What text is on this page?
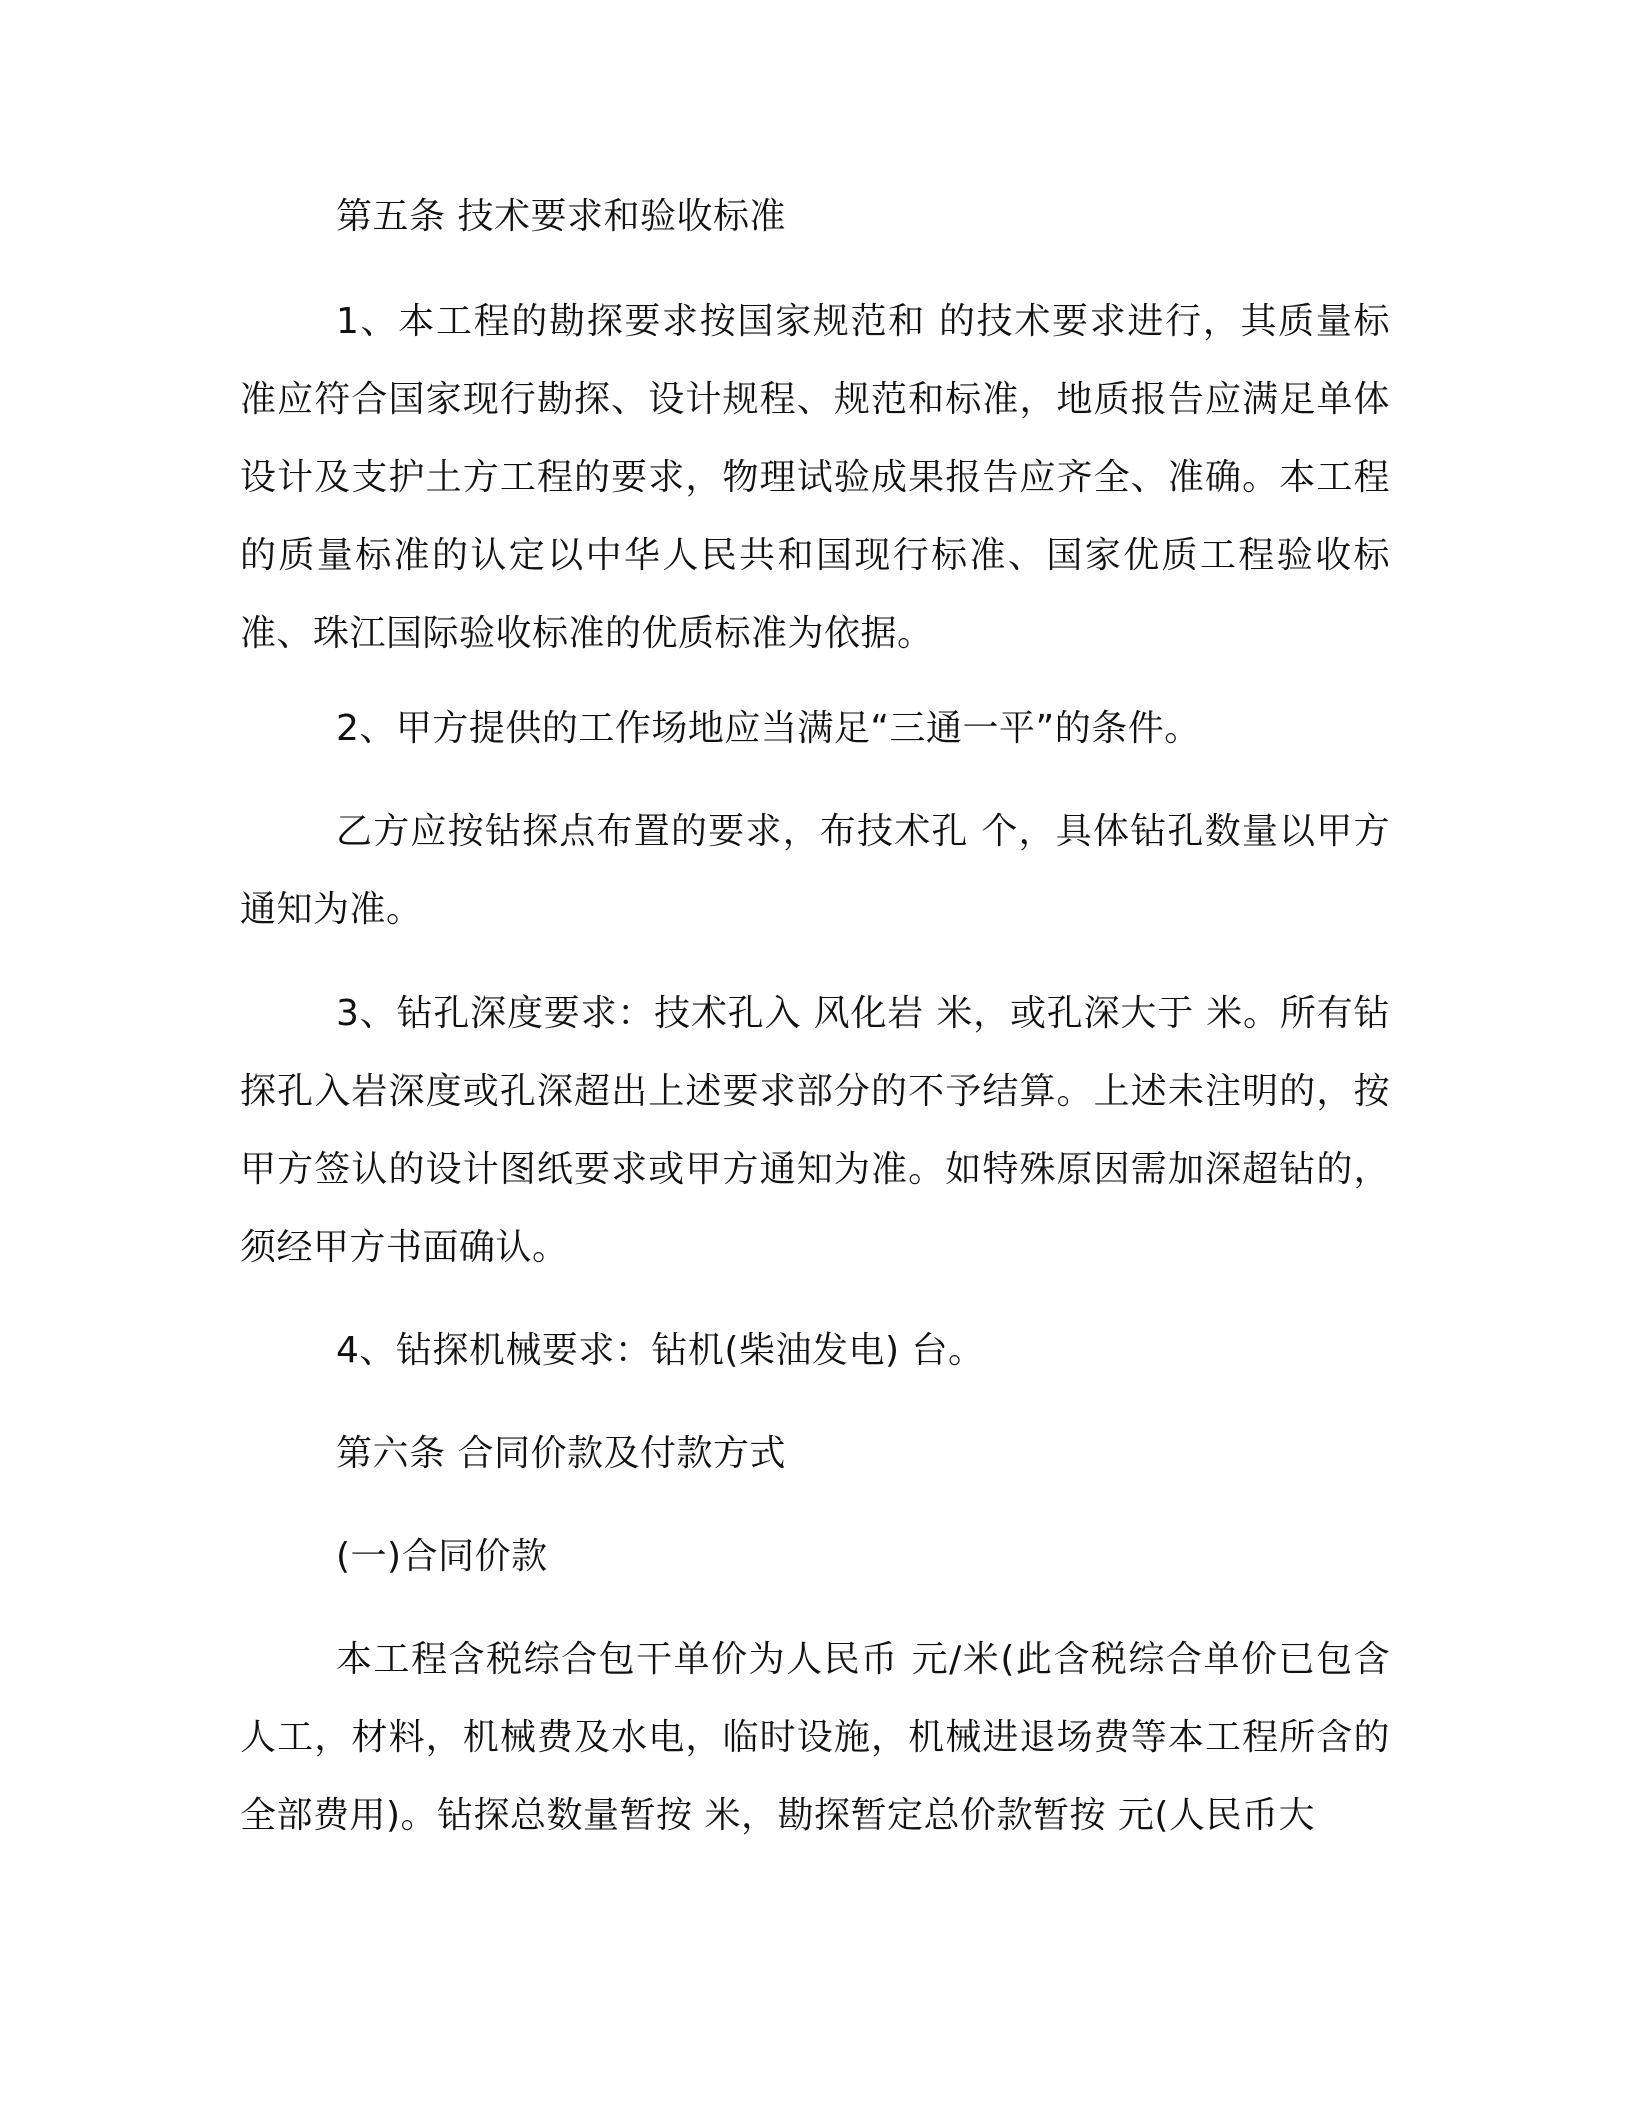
第五条 技术要求和验收标准

1、本工程的勘探要求按国家规范和 的技术要求进行，其质量标准应符合国家现行勘探、设计规程、规范和标准，地质报告应满足单体设计及支护土方工程的要求，物理试验成果报告应齐全、准确。本工程的质量标准的认定以中华人民共和国现行标准、国家优质工程验收标准、珠江国际验收标准的优质标准为依据。

2、甲方提供的工作场地应当满足“三通一平”的条件。

乙方应按钻探点布置的要求，布技术孔 个，具体钻孔数量以甲方通知为准。

3、钻孔深度要求：技术孔入 风化岩 米，或孔深大于 米。所有钻探孔入岩深度或孔深超出上述要求部分的不予结算。上述未注明的，按甲方签认的设计图纸要求或甲方通知为准。如特殊原因需加深超钻的，须经甲方书面确认。

4、钻探机械要求：钻机(柴油发电) 台。

第六条 合同价款及付款方式

(一)合同价款

本工程含税综合包干单价为人民币 元/米(此含税综合单价已包含人工，材料，机械费及水电，临时设施，机械进退场费等本工程所含的全部费用)。钻探总数量暂按 米，勘探暂定总价款暂按 元(人民币大
